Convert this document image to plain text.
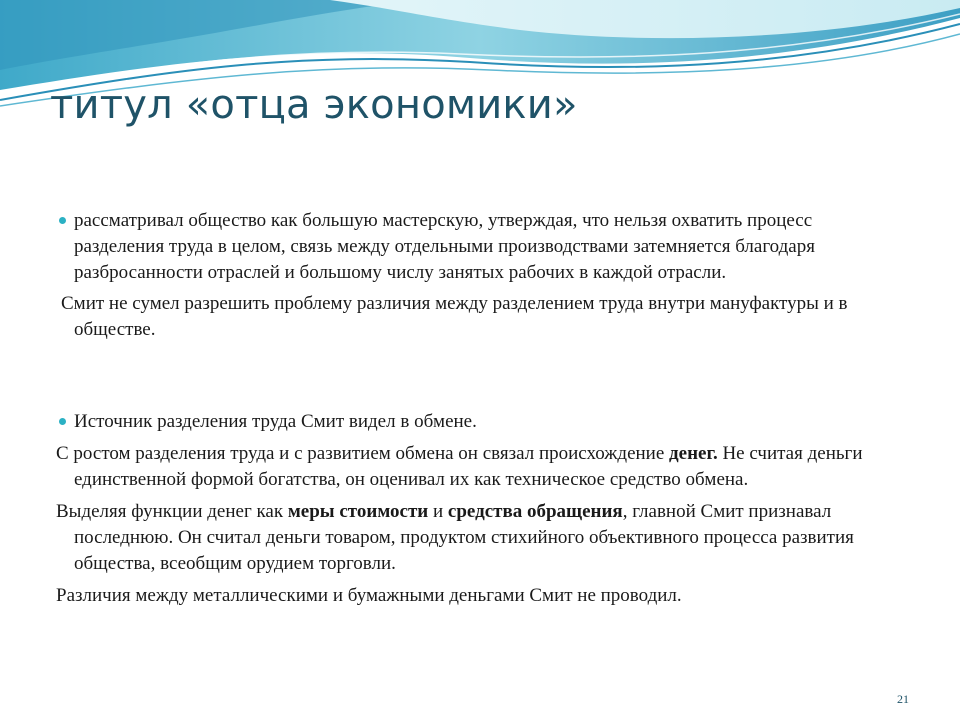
титул «отца экономики»

рассматривал общество как большую мастерскую, утверждая, что нельзя охватить процесс разделения труда в целом, связь между отдельными производствами затемняется благодаря разбросанности отраслей и большому числу занятых рабочих в каждой отрасли.

Смит не сумел разрешить проблему различия между разделением труда внутри мануфактуры и в обществе.

Источник разделения труда Смит видел в обмене.

С ростом разделения труда и с развитием обмена он связал происхождение денег. Не считая деньги единственной формой богатства, он оценивал их как техническое средство обмена.

Выделяя функции денег как меры стоимости и средства обращения, главной Смит признавал последнюю. Он считал деньги товаром, продуктом стихийного объективного процесса развития общества, всеобщим орудием торговли.

Различия между металлическими и бумажными деньгами Смит не проводил.

21
